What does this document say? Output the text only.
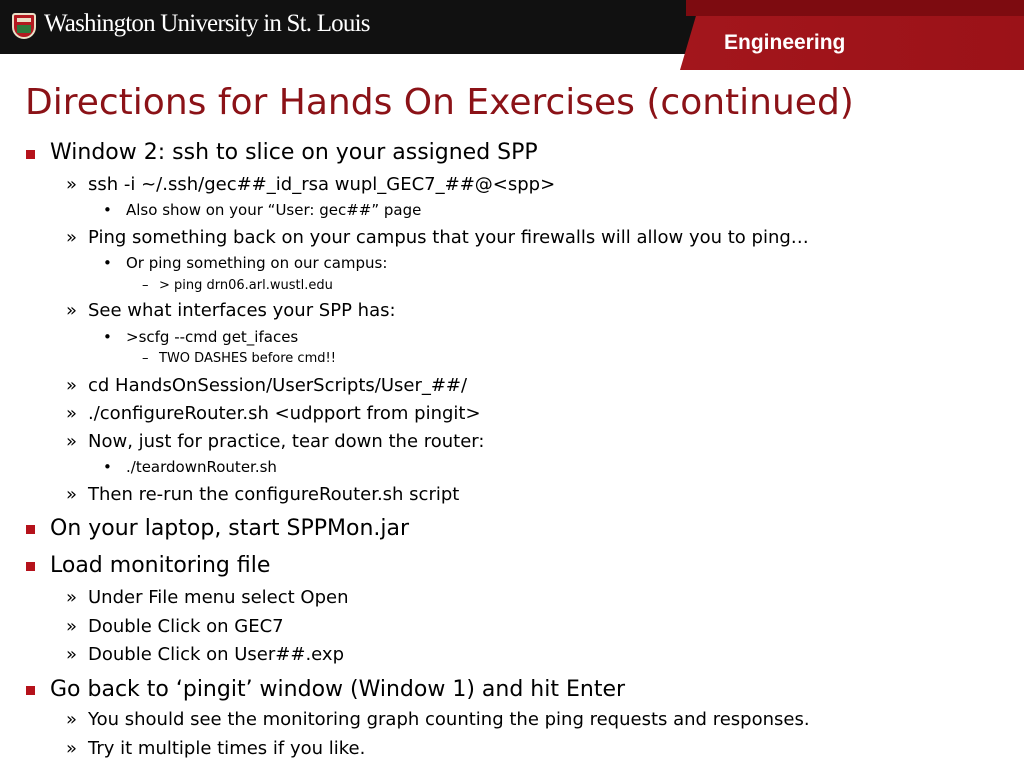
Washington University in St. Louis
Engineering
Directions for Hands On Exercises (continued)
Window 2: ssh to slice on your assigned SPP
» ssh -i ~/.ssh/gec##_id_rsa wupl_GEC7_##@<spp>
• Also show on your “User: gec##” page
» Ping something back on your campus that your firewalls will allow you to ping…
• Or ping something on our campus:
– > ping drn06.arl.wustl.edu
» See what interfaces your SPP has:
• >scfg --cmd get_ifaces
– TWO DASHES before cmd!!
» cd HandsOnSession/UserScripts/User_##/
» ./configureRouter.sh <udpport from pingit>
» Now, just for practice, tear down the router:
• ./teardownRouter.sh
» Then re-run the configureRouter.sh script
On your laptop, start SPPMon.jar
Load monitoring file
» Under File menu select Open
» Double Click on GEC7
» Double Click on User##.exp
Go back to ‘pingit’ window (Window 1) and hit Enter
» You should see the monitoring graph counting the ping requests and responses.
» Try it multiple times if you like.
